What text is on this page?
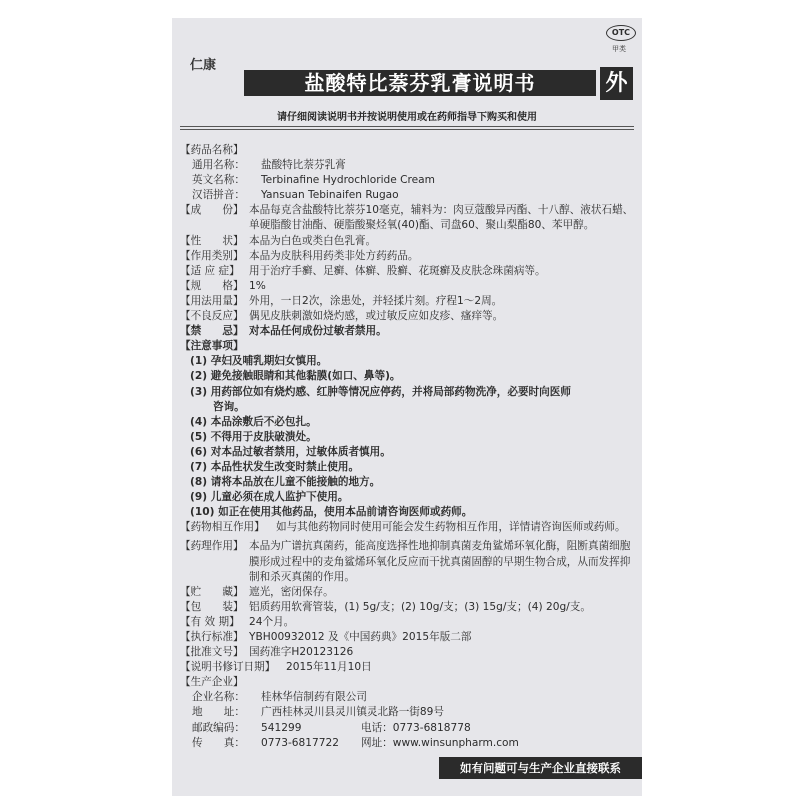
仁康
OTC
甲类
盐酸特比萘芬乳膏说明书	外
请仔细阅读说明书并按说明使用或在药师指导下购买和使用
【药品名称】
通用名称：	盐酸特比萘芬乳膏
英文名称：	Terbinafine Hydrochloride Cream
汉语拼音：	Yansuan Tebinaifen Rugao
【成　　份】 本品每克含盐酸特比萘芬10毫克，辅料为：肉豆蔻酸异丙酯、十八醇、液状石蜡、单硬脂酸甘油酯、硬脂酸聚烃氧(40)酯、司盘60、聚山梨酯80、苯甲醇。
【性　　状】 本品为白色或类白色乳膏。
【作用类别】 本品为皮肤科用药类非处方药药品。
【适 应 症】 用于治疗手癣、足癣、体癣、股癣、花斑癣及皮肤念珠菌病等。
【规　　格】 1%
【用法用量】 外用，一日2次，涂患处，并轻揉片刻。疗程1～2周。
【不良反应】 偶见皮肤刺激如烧灼感，或过敏反应如皮疹、瘙痒等。
【禁　　忌】 对本品任何成份过敏者禁用。
【注意事项】
(1) 孕妇及哺乳期妇女慎用。
(2) 避免接触眼睛和其他黏膜(如口、鼻等)。
(3) 用药部位如有烧灼感、红肿等情况应停药，并将局部药物洗净，必要时向医师
咨询。
(4) 本品涂敷后不必包扎。
(5) 不得用于皮肤破溃处。
(6) 对本品过敏者禁用，过敏体质者慎用。
(7) 本品性状发生改变时禁止使用。
(8) 请将本品放在儿童不能接触的地方。
(9) 儿童必须在成人监护下使用。
(10) 如正在使用其他药品，使用本品前请咨询医师或药师。
【药物相互作用】	如与其他药物同时使用可能会发生药物相互作用，详情请咨询医师或药师。
【药理作用】 本品为广谱抗真菌药，能高度选择性地抑制真菌麦角鲨烯环氧化酶，阻断真菌细胞膜形成过程中的麦角鲨烯环氧化反应而干扰真菌固醇的早期生物合成，从而发挥抑制和杀灭真菌的作用。
【贮　　藏】 遮光，密闭保存。
【包　　装】 铝质药用软膏管装，(1) 5g/支；(2) 10g/支；(3) 15g/支；(4) 20g/支。
【有 效 期】 24个月。
【执行标准】 YBH00932012 及《中国药典》2015年版二部
【批准文号】 国药准字H20123126
【说明书修订日期】	2015年11月10日
【生产企业】
企业名称：	桂林华信制药有限公司
地　　址：	广西桂林灵川县灵川镇灵北路一街89号
邮政编码：	541299	电话： 0773-6818778
传　　真：	0773-6817722	网址： www.winsunpharm.com
如有问题可与生产企业直接联系
